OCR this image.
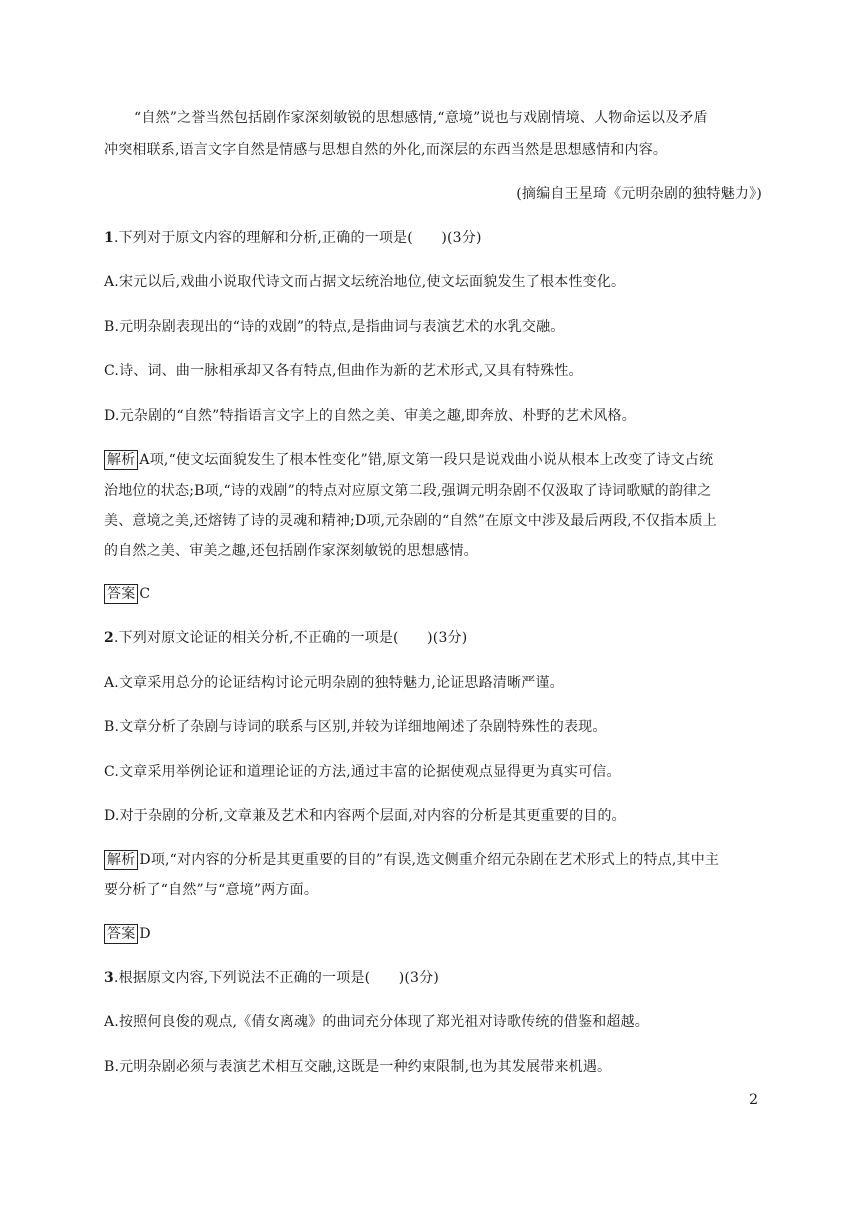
“自然”之誉当然包括剧作家深刻敏锐的思想感情,“意境”说也与戏剧情境、人物命运以及矛盾
冲突相联系,语言文字自然是情感与思想自然的外化,而深层的东西当然是思想感情和内容。
(摘编自王星琦《元明杂剧的独特魅力》)
1.下列对于原文内容的理解和分析,正确的一项是(　　)(3分)
A.宋元以后,戏曲小说取代诗文而占据文坛统治地位,使文坛面貌发生了根本性变化。
B.元明杂剧表现出的“诗的戏剧”的特点,是指曲词与表演艺术的水乳交融。
C.诗、词、曲一脉相承却又各有特点,但曲作为新的艺术形式,又具有特殊性。
D.元杂剧的“自然”特指语言文字上的自然之美、审美之趣,即奔放、朴野的艺术风格。
解析 A项,“使文坛面貌发生了根本性变化”错,原文第一段只是说戏曲小说从根本上改变了诗文占统
治地位的状态;B项,“诗的戏剧”的特点对应原文第二段,强调元明杂剧不仅汲取了诗词歌赋的韵律之
美、意境之美,还熔铸了诗的灵魂和精神;D项,元杂剧的“自然”在原文中涉及最后两段,不仅指本质上
的自然之美、审美之趣,还包括剧作家深刻敏锐的思想感情。
答案 C
2.下列对原文论证的相关分析,不正确的一项是(　　)(3分)
A.文章采用总分的论证结构讨论元明杂剧的独特魅力,论证思路清晰严谨。
B.文章分析了杂剧与诗词的联系与区别,并较为详细地阐述了杂剧特殊性的表现。
C.文章采用举例论证和道理论证的方法,通过丰富的论据使观点显得更为真实可信。
D.对于杂剧的分析,文章兼及艺术和内容两个层面,对内容的分析是其更重要的目的。
解析 D项,“对内容的分析是其更重要的目的”有误,选文侧重介绍元杂剧在艺术形式上的特点,其中主
要分析了“自然”与“意境”两方面。
答案 D
3.根据原文内容,下列说法不正确的一项是(　　)(3分)
A.按照何良俊的观点,《倩女离魂》的曲词充分体现了郑光祖对诗歌传统的借鉴和超越。
B.元明杂剧必须与表演艺术相互交融,这既是一种约束限制,也为其发展带来机遇。
2
